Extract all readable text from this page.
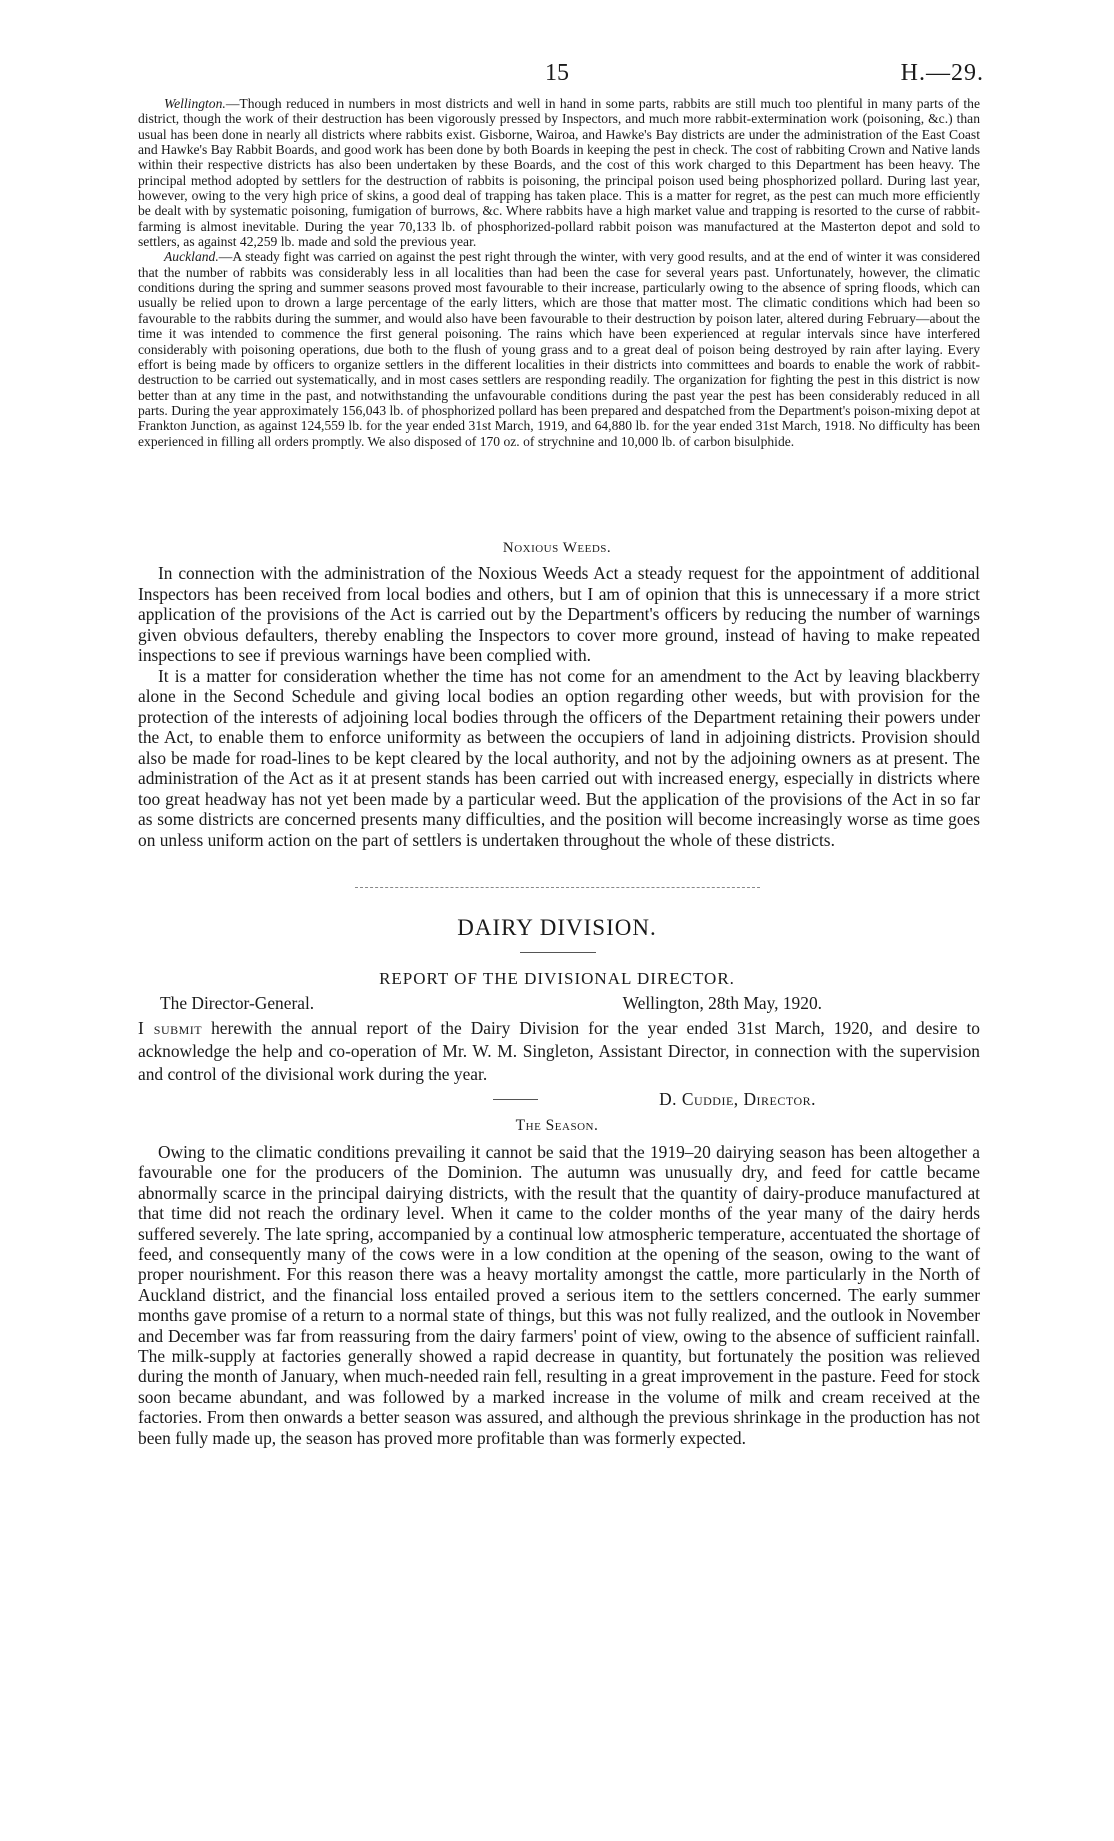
15	H.—29.

Wellington.—Though reduced in numbers in most districts and well in hand in some parts, rabbits are still much too plentiful in many parts of the district, though the work of their destruction has been vigorously pressed by Inspectors, and much more rabbit-extermination work (poisoning, &c.) than usual has been done in nearly all districts where rabbits exist. Gisborne, Wairoa, and Hawke's Bay districts are under the administration of the East Coast and Hawke's Bay Rabbit Boards, and good work has been done by both Boards in keeping the pest in check. The cost of rabbiting Crown and Native lands within their respective districts has also been undertaken by these Boards, and the cost of this work charged to this Department has been heavy. The principal method adopted by settlers for the destruction of rabbits is poisoning, the principal poison used being phosphorized pollard. During last year, however, owing to the very high price of skins, a good deal of trapping has taken place. This is a matter for regret, as the pest can much more efficiently be dealt with by systematic poisoning, fumigation of burrows, &c. Where rabbits have a high market value and trapping is resorted to the curse of rabbit-farming is almost inevitable. During the year 70,133 lb. of phosphorized-pollard rabbit poison was manufactured at the Masterton depot and sold to settlers, as against 42,259 lb. made and sold the previous year.

Auckland.—A steady fight was carried on against the pest right through the winter, with very good results, and at the end of winter it was considered that the number of rabbits was considerably less in all localities than had been the case for several years past. Unfortunately, however, the climatic conditions during the spring and summer seasons proved most favourable to their increase, particularly owing to the absence of spring floods, which can usually be relied upon to drown a large percentage of the early litters, which are those that matter most. The climatic conditions which had been so favourable to the rabbits during the summer, and would also have been favourable to their destruction by poison later, altered during February—about the time it was intended to commence the first general poisoning. The rains which have been experienced at regular intervals since have interfered considerably with poisoning operations, due both to the flush of young grass and to a great deal of poison being destroyed by rain after laying. Every effort is being made by officers to organize settlers in the different localities in their districts into committees and boards to enable the work of rabbit-destruction to be carried out systematically, and in most cases settlers are responding readily. The organization for fighting the pest in this district is now better than at any time in the past, and notwithstanding the unfavourable conditions during the past year the pest has been considerably reduced in all parts. During the year approximately 156,043 lb. of phosphorized pollard has been prepared and despatched from the Department's poison-mixing depot at Frankton Junction, as against 124,559 lb. for the year ended 31st March, 1919, and 64,880 lb. for the year ended 31st March, 1918. No difficulty has been experienced in filling all orders promptly. We also disposed of 170 oz. of strychnine and 10,000 lb. of carbon bisulphide.

Noxious Weeds.

In connection with the administration of the Noxious Weeds Act a steady request for the appointment of additional Inspectors has been received from local bodies and others, but I am of opinion that this is unnecessary if a more strict application of the provisions of the Act is carried out by the Department's officers by reducing the number of warnings given obvious defaulters, thereby enabling the Inspectors to cover more ground, instead of having to make repeated inspections to see if previous warnings have been complied with.

It is a matter for consideration whether the time has not come for an amendment to the Act by leaving blackberry alone in the Second Schedule and giving local bodies an option regarding other weeds, but with provision for the protection of the interests of adjoining local bodies through the officers of the Department retaining their powers under the Act, to enable them to enforce uniformity as between the occupiers of land in adjoining districts. Provision should also be made for road-lines to be kept cleared by the local authority, and not by the adjoining owners as at present. The administration of the Act as it at present stands has been carried out with increased energy, especially in districts where too great headway has not yet been made by a particular weed. But the application of the provisions of the Act in so far as some districts are concerned presents many difficulties, and the position will become increasingly worse as time goes on unless uniform action on the part of settlers is undertaken throughout the whole of these districts.

DAIRY DIVISION.
REPORT OF THE DIVISIONAL DIRECTOR.
The Director-General.	Wellington, 28th May, 1920.

I submit herewith the annual report of the Dairy Division for the year ended 31st March, 1920, and desire to acknowledge the help and co-operation of Mr. W. M. Singleton, Assistant Director, in connection with the supervision and control of the divisional work during the year.

D. Cuddie, Director.
The Season.

Owing to the climatic conditions prevailing it cannot be said that the 1919–20 dairying season has been altogether a favourable one for the producers of the Dominion. The autumn was unusually dry, and feed for cattle became abnormally scarce in the principal dairying districts, with the result that the quantity of dairy-produce manufactured at that time did not reach the ordinary level. When it came to the colder months of the year many of the dairy herds suffered severely. The late spring, accompanied by a continual low atmospheric temperature, accentuated the shortage of feed, and consequently many of the cows were in a low condition at the opening of the season, owing to the want of proper nourishment. For this reason there was a heavy mortality amongst the cattle, more particularly in the North of Auckland district, and the financial loss entailed proved a serious item to the settlers concerned. The early summer months gave promise of a return to a normal state of things, but this was not fully realized, and the outlook in November and December was far from reassuring from the dairy farmers' point of view, owing to the absence of sufficient rainfall. The milk-supply at factories generally showed a rapid decrease in quantity, but fortunately the position was relieved during the month of January, when much-needed rain fell, resulting in a great improvement in the pasture. Feed for stock soon became abundant, and was followed by a marked increase in the volume of milk and cream received at the factories. From then onwards a better season was assured, and although the previous shrinkage in the production has not been fully made up, the season has proved more profitable than was formerly expected.
